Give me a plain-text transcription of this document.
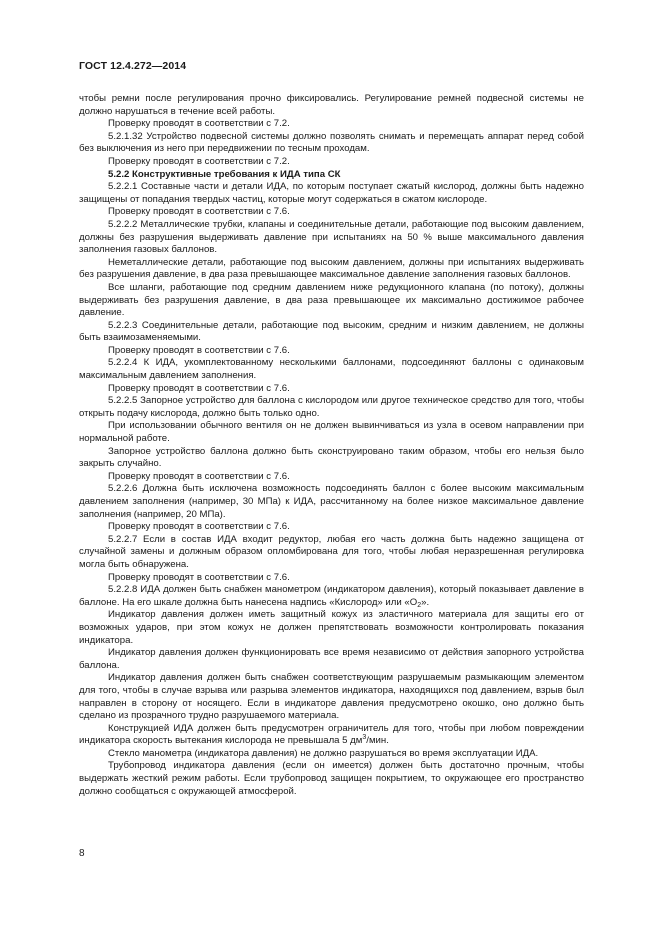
ГОСТ 12.4.272—2014

чтобы ремни после регулирования прочно фиксировались. Регулирование ремней подвесной системы не должно нарушаться в течение всей работы.

Проверку проводят в соответствии с 7.2.

5.2.1.32 Устройство подвесной системы должно позволять снимать и перемещать аппарат перед собой без выключения из него при передвижении по тесным проходам.

Проверку проводят в соответствии с 7.2.

5.2.2 Конструктивные требования к ИДА типа СК

5.2.2.1 Составные части и детали ИДА, по которым поступает сжатый кислород, должны быть надежно защищены от попадания твердых частиц, которые могут содержаться в сжатом кислороде.

Проверку проводят в соответствии с 7.6.

5.2.2.2 Металлические трубки, клапаны и соединительные детали, работающие под высоким давлением, должны без разрушения выдерживать давление при испытаниях на 50 % выше максимального давления заполнения газовых баллонов.

Неметаллические детали, работающие под высоким давлением, должны при испытаниях выдерживать без разрушения давление, в два раза превышающее максимальное давление заполнения газовых баллонов.

Все шланги, работающие под средним давлением ниже редукционного клапана (по потоку), должны выдерживать без разрушения давление, в два раза превышающее их максимально достижимое рабочее давление.

5.2.2.3 Соединительные детали, работающие под высоким, средним и низким давлением, не должны быть взаимозаменяемыми.

Проверку проводят в соответствии с 7.6.

5.2.2.4 К ИДА, укомплектованному несколькими баллонами, подсоединяют баллоны с одинаковым максимальным давлением заполнения.

Проверку проводят в соответствии с 7.6.

5.2.2.5 Запорное устройство для баллона с кислородом или другое техническое средство для того, чтобы открыть подачу кислорода, должно быть только одно.

При использовании обычного вентиля он не должен вывинчиваться из узла в осевом направлении при нормальной работе.

Запорное устройство баллона должно быть сконструировано таким образом, чтобы его нельзя было закрыть случайно.

Проверку проводят в соответствии с 7.6.

5.2.2.6 Должна быть исключена возможность подсоединять баллон с более высоким максимальным давлением заполнения (например, 30 МПа) к ИДА, рассчитанному на более низкое максимальное давление заполнения (например, 20 МПа).

Проверку проводят в соответствии с 7.6.

5.2.2.7 Если в состав ИДА входит редуктор, любая его часть должна быть надежно защищена от случайной замены и должным образом опломбирована для того, чтобы любая неразрешенная регулировка могла быть обнаружена.

Проверку проводят в соответствии с 7.6.

5.2.2.8 ИДА должен быть снабжен манометром (индикатором давления), который показывает давление в баллоне. На его шкале должна быть нанесена надпись «Кислород» или «$O_2$».

Индикатор давления должен иметь защитный кожух из эластичного материала для защиты его от возможных ударов, при этом кожух не должен препятствовать возможности контролировать показания индикатора.

Индикатор давления должен функционировать все время независимо от действия запорного устройства баллона.

Индикатор давления должен быть снабжен соответствующим разрушаемым размыкающим элементом для того, чтобы в случае взрыва или разрыва элементов индикатора, находящихся под давлением, взрыв был направлен в сторону от носящего. Если в индикаторе давления предусмотрено окошко, оно должно быть сделано из прозрачного трудно разрушаемого материала.

Конструкцией ИДА должен быть предусмотрен ограничитель для того, чтобы при любом повреждении индикатора скорость вытекания кислорода не превышала 5 $дм^3$/мин.

Стекло манометра (индикатора давления) не должно разрушаться во время эксплуатации ИДА.

Трубопровод индикатора давления (если он имеется) должен быть достаточно прочным, чтобы выдержать жесткий режим работы. Если трубопровод защищен покрытием, то окружающее его пространство должно сообщаться с окружающей атмосферой.

8
